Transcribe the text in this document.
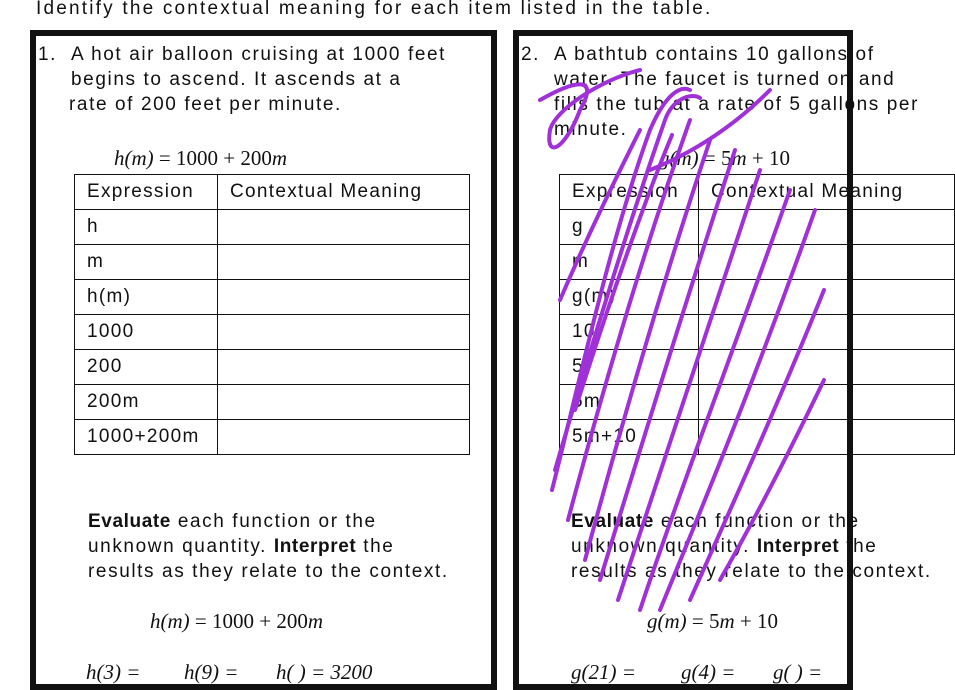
Identify the contextual meaning for each item listed in the table.
1. A hot air balloon cruising at 1000 feet
begins to ascend. It ascends at a
rate of 200 feet per minute.
h(m) = 1000 + 200m
Expression	Contextual Meaning
h	
m	
h(m)	
1000	
200	
200m	
1000+200m	
Evaluate each function or the
unknown quantity. Interpret the
results as they relate to the context.
h(m) = 1000 + 200m
h(3) = h(9) = h( ) = 3200
2. A bathtub contains 10 gallons of
water. The faucet is turned on and
fills the tub at a rate of 5 gallons per
minute.
g(m) = 5m + 10
Expression	Contextual Meaning
g	
m	
g(m)	
10	
5	
5m	
5m+10	
Evaluate each function or the
unknown quantity. Interpret the
results as they relate to the context.
g(m) = 5m + 10
g(21) = g(4) = g( ) =
